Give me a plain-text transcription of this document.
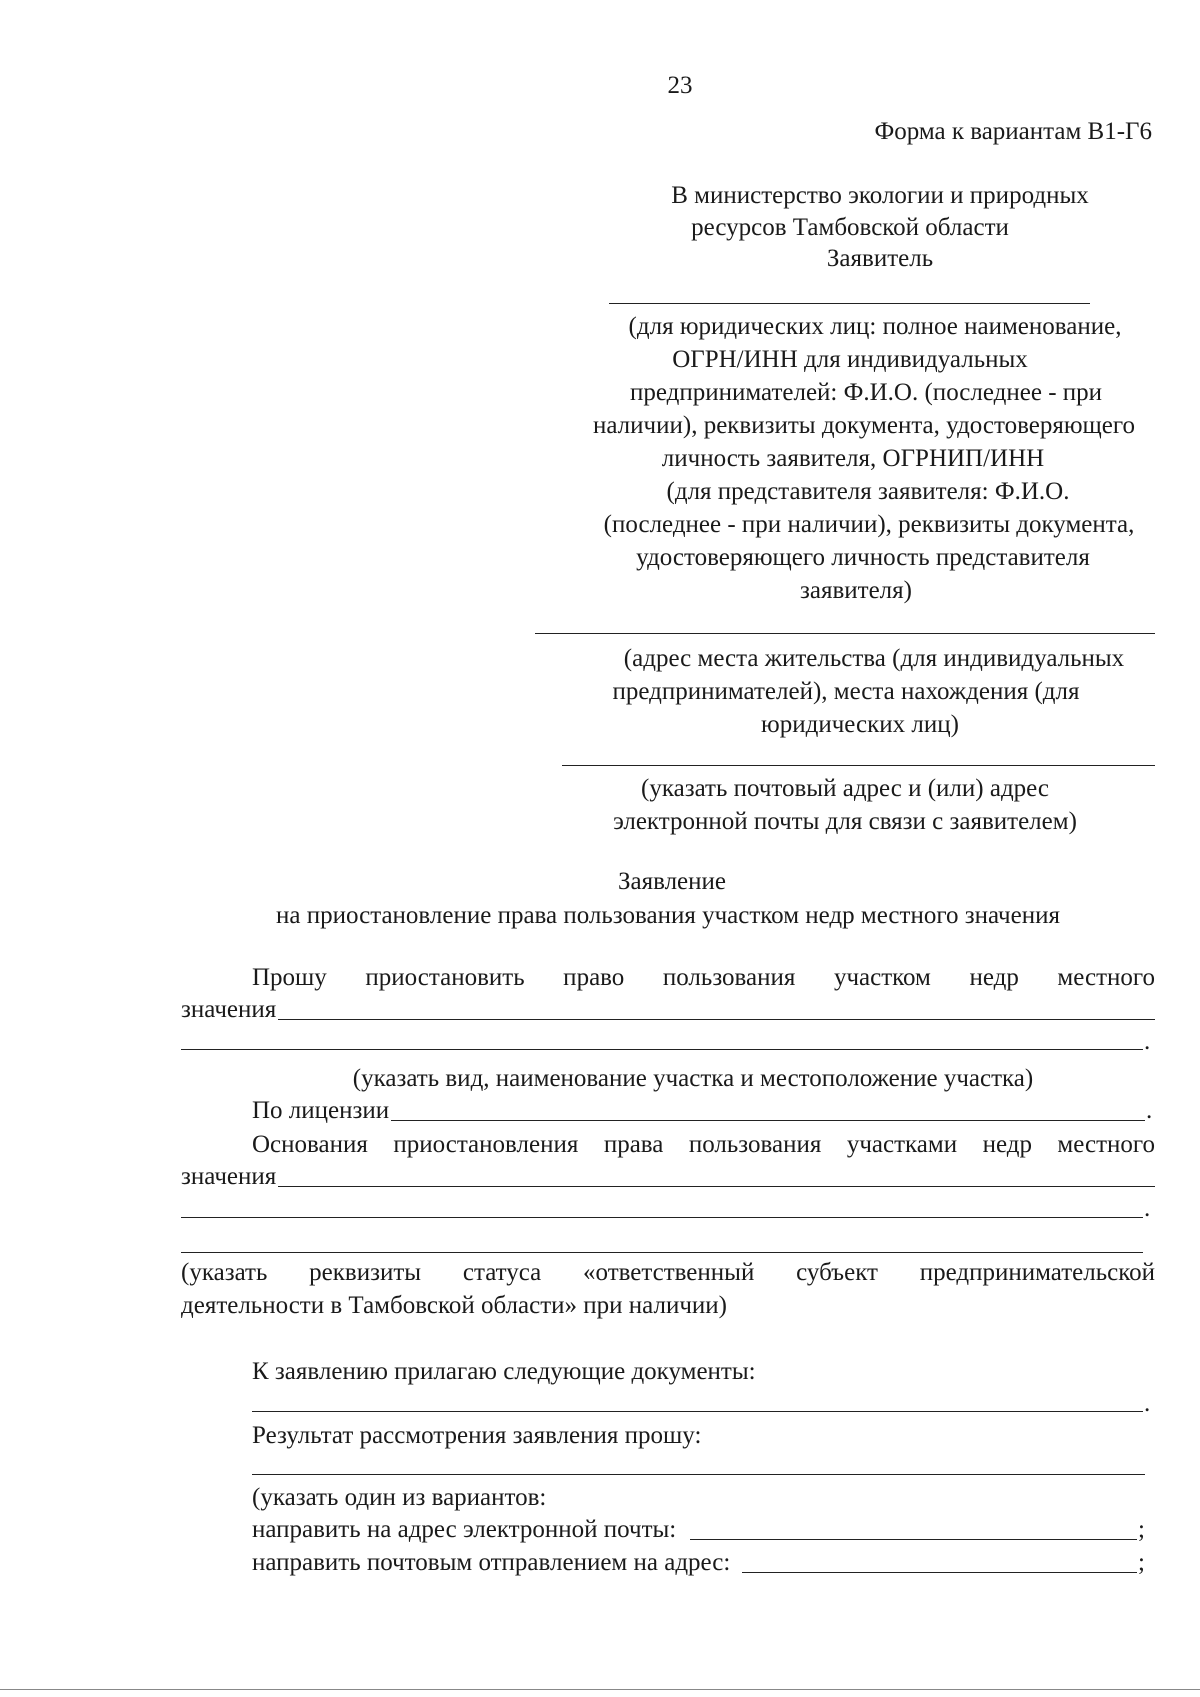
23
Форма к вариантам В1-Г6
В министерство экологии и природных
ресурсов Тамбовской области
Заявитель
(для юридических лиц: полное наименование,
ОГРН/ИНН для индивидуальных
предпринимателей: Ф.И.О. (последнее - при
наличии), реквизиты документа, удостоверяющего
личность заявителя, ОГРНИП/ИНН
(для представителя заявителя: Ф.И.О.
(последнее - при наличии), реквизиты документа,
удостоверяющего личность представителя
заявителя)
(адрес места жительства (для индивидуальных
предпринимателей), места нахождения (для
юридических лиц)
(указать почтовый адрес и (или) адрес
электронной почты для связи с заявителем)
Заявление
на приостановление права пользования участком недр местного значения
Прошу приостановить право пользования участком недр местного
значения
.
(указать вид, наименование участка и местоположение участка)
По лицензии	.
Основания приостановления права пользования участками недр местного
значения
.
(указать реквизиты статуса «ответственный субъект предпринимательской
деятельности в Тамбовской области» при наличии)
К заявлению прилагаю следующие документы:
.
Результат рассмотрения заявления прошу:
(указать один из вариантов:
направить на адрес электронной почты:	;
направить почтовым отправлением на адрес:	;
